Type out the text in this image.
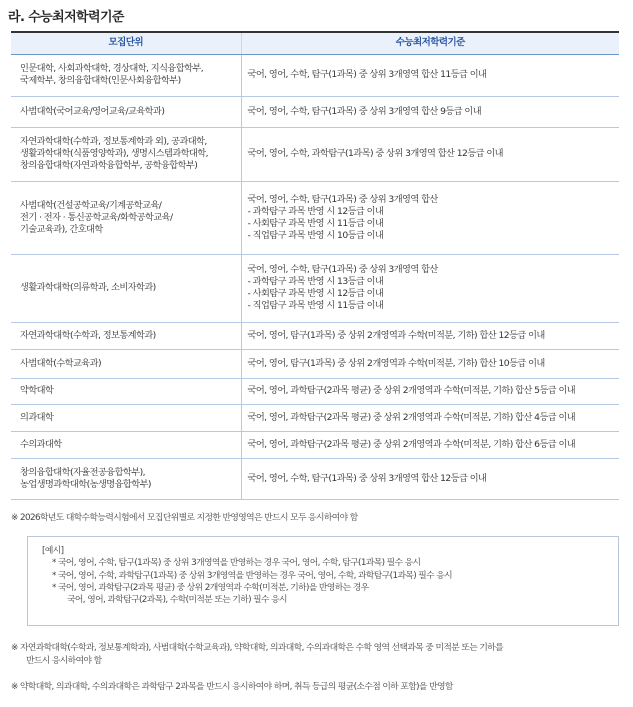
라. 수능최저학력기준
모집단위	수능최저학력기준

인문대학, 사회과학대학, 경상대학, 지식융합학부,
국제학부, 창의융합대학(인문사회융합학부)	국어, 영어, 수학, 탐구(1과목) 중 상위 3개영역 합산 11등급 이내

사범대학(국어교육/영어교육/교육학과)	국어, 영어, 수학, 탐구(1과목) 중 상위 3개영역 합산 9등급 이내

자연과학대학(수학과, 정보통계학과 외), 공과대학,
생활과학대학(식품영양학과), 생명시스템과학대학,
창의융합대학(자연과학융합학부, 공학융합학부)	국어, 영어, 수학, 과학탐구(1과목) 중 상위 3개영역 합산 12등급 이내

사범대학(건설공학교육/기계공학교육/
전기 · 전자 · 통신공학교육/화학공학교육/
기술교육과), 간호대학	국어, 영어, 수학, 탐구(1과목) 중 상위 3개영역 합산
- 과학탐구 과목 반영 시 12등급 이내
- 사회탐구 과목 반영 시 11등급 이내
- 직업탐구 과목 반영 시 10등급 이내

생활과학대학(의류학과, 소비자학과)	국어, 영어, 수학, 탐구(1과목) 중 상위 3개영역 합산
- 과학탐구 과목 반영 시 13등급 이내
- 사회탐구 과목 반영 시 12등급 이내
- 직업탐구 과목 반영 시 11등급 이내

자연과학대학(수학과, 정보통계학과)	국어, 영어, 탐구(1과목) 중 상위 2개영역과 수학(미적분, 기하) 합산 12등급 이내

사범대학(수학교육과)	국어, 영어, 탐구(1과목) 중 상위 2개영역과 수학(미적분, 기하) 합산 10등급 이내

약학대학	국어, 영어, 과학탐구(2과목 평균) 중 상위 2개영역과 수학(미적분, 기하) 합산 5등급 이내

의과대학	국어, 영어, 과학탐구(2과목 평균) 중 상위 2개영역과 수학(미적분, 기하) 합산 4등급 이내

수의과대학	국어, 영어, 과학탐구(2과목 평균) 중 상위 2개영역과 수학(미적분, 기하) 합산 6등급 이내

창의융합대학(자율전공융합학부),
농업생명과학대학(농생명융합학부)	국어, 영어, 수학, 탐구(1과목) 중 상위 3개영역 합산 12등급 이내
※ 2026학년도 대학수학능력시험에서 모집단위별로 지정한 반영영역은 반드시 모두 응시하여야 함
[예시]
* 국어, 영어, 수학, 탐구(1과목) 중 상위 3개영역을 반영하는 경우 국어, 영어, 수학, 탐구(1과목) 필수 응시
* 국어, 영어, 수학, 과학탐구(1과목) 중 상위 3개영역을 반영하는 경우 국어, 영어, 수학, 과학탐구(1과목) 필수 응시
* 국어, 영어, 과학탐구(2과목 평균) 중 상위 2개영역과 수학(미적분, 기하)을 반영하는 경우
국어, 영어, 과학탐구(2과목), 수학(미적분 또는 기하) 필수 응시
※ 자연과학대학(수학과, 정보통계학과), 사범대학(수학교육과), 약학대학, 의과대학, 수의과대학은 수학 영역 선택과목 중 미적분 또는 기하를
반드시 응시하여야 함
※ 약학대학, 의과대학, 수의과대학은 과학탐구 2과목을 반드시 응시하여야 하며, 취득 등급의 평균(소수점 이하 포함)을 반영함
